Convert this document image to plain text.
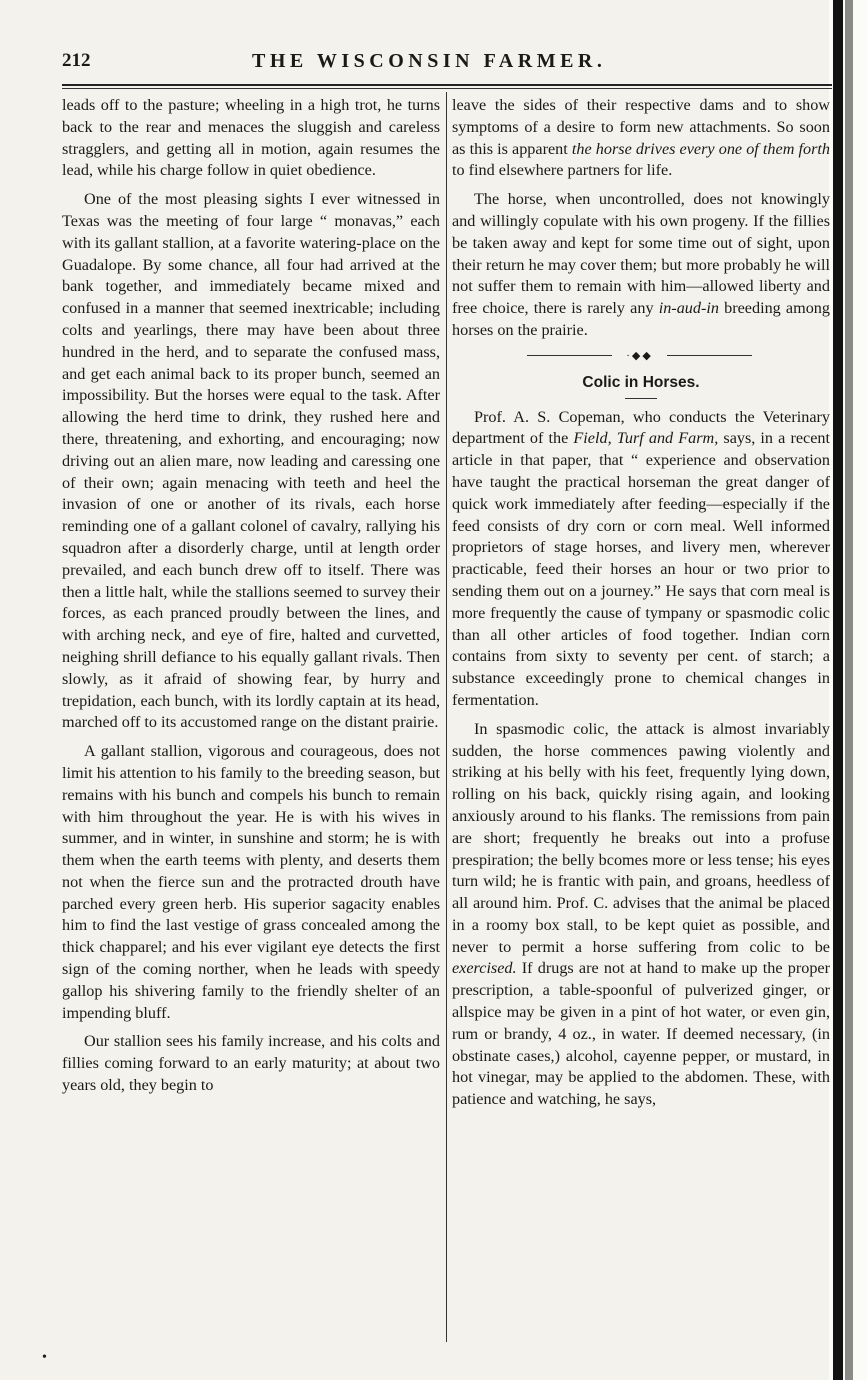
212	THE WISCONSIN FARMER.

leads off to the pasture; wheeling in a high trot, he turns back to the rear and menaces the sluggish and careless stragglers, and getting all in motion, again resumes the lead, while his charge follow in quiet obedience.

One of the most pleasing sights I ever witnessed in Texas was the meeting of four large “ monavas,” each with its gallant stallion, at a favorite watering-place on the Guadalope. By some chance, all four had arrived at the bank together, and immediately became mixed and confused in a manner that seemed inextricable; including colts and yearlings, there may have been about three hundred in the herd, and to separate the confused mass, and get each animal back to its proper bunch, seemed an impossibility. But the horses were equal to the task. After allowing the herd time to drink, they rushed here and there, threatening, and exhorting, and encouraging; now driving out an alien mare, now leading and caressing one of their own; again menacing with teeth and heel the invasion of one or another of its rivals, each horse reminding one of a gallant colonel of cavalry, rallying his squadron after a disorderly charge, until at length order prevailed, and each bunch drew off to itself. There was then a little halt, while the stallions seemed to survey their forces, as each pranced proudly between the lines, and with arching neck, and eye of fire, halted and curvetted, neighing shrill defiance to his equally gallant rivals. Then slowly, as it afraid of showing fear, by hurry and trepidation, each bunch, with its lordly captain at its head, marched off to its accustomed range on the distant prairie.

A gallant stallion, vigorous and courageous, does not limit his attention to his family to the breeding season, but remains with his bunch and compels his bunch to remain with him throughout the year. He is with his wives in summer, and in winter, in sunshine and storm; he is with them when the earth teems with plenty, and deserts them not when the fierce sun and the protracted drouth have parched every green herb. His superior sagacity enables him to find the last vestige of grass concealed among the thick chapparel; and his ever vigilant eye detects the first sign of the coming norther, when he leads with speedy gallop his shivering family to the friendly shelter of an impending bluff.

Our stallion sees his family increase, and his colts and fillies coming forward to an early maturity; at about two years old, they begin to

leave the sides of their respective dams and to show symptoms of a desire to form new attachments. So soon as this is apparent the horse drives every one of them forth to find elsewhere partners for life.

The horse, when uncontrolled, does not knowingly and willingly copulate with his own progeny. If the fillies be taken away and kept for some time out of sight, upon their return he may cover them; but more probably he will not suffer them to remain with him—allowed liberty and free choice, there is rarely any in-aud-in breeding among horses on the prairie.

·◆◆
Colic in Horses.

Prof. A. S. Copeman, who conducts the Veterinary department of the Field, Turf and Farm, says, in a recent article in that paper, that “ experience and observation have taught the practical horseman the great danger of quick work immediately after feeding—especially if the feed consists of dry corn or corn meal. Well informed proprietors of stage horses, and livery men, wherever practicable, feed their horses an hour or two prior to sending them out on a journey.” He says that corn meal is more frequently the cause of tympany or spasmodic colic than all other articles of food together. Indian corn contains from sixty to seventy per cent. of starch; a substance exceedingly prone to chemical changes in fermentation.

In spasmodic colic, the attack is almost invariably sudden, the horse commences pawing violently and striking at his belly with his feet, frequently lying down, rolling on his back, quickly rising again, and looking anxiously around to his flanks. The remissions from pain are short; frequently he breaks out into a profuse prespiration; the belly bcomes more or less tense; his eyes turn wild; he is frantic with pain, and groans, heedless of all around him. Prof. C. advises that the animal be placed in a roomy box stall, to be kept quiet as possible, and never to permit a horse suffering from colic to be exercised. If drugs are not at hand to make up the proper prescription, a table-spoonful of pulverized ginger, or allspice may be given in a pint of hot water, or even gin, rum or brandy, 4 oz., in water. If deemed necessary, (in obstinate cases,) alcohol, cayenne pepper, or mustard, in hot vinegar, may be applied to the abdomen. These, with patience and watching, he says,

•
